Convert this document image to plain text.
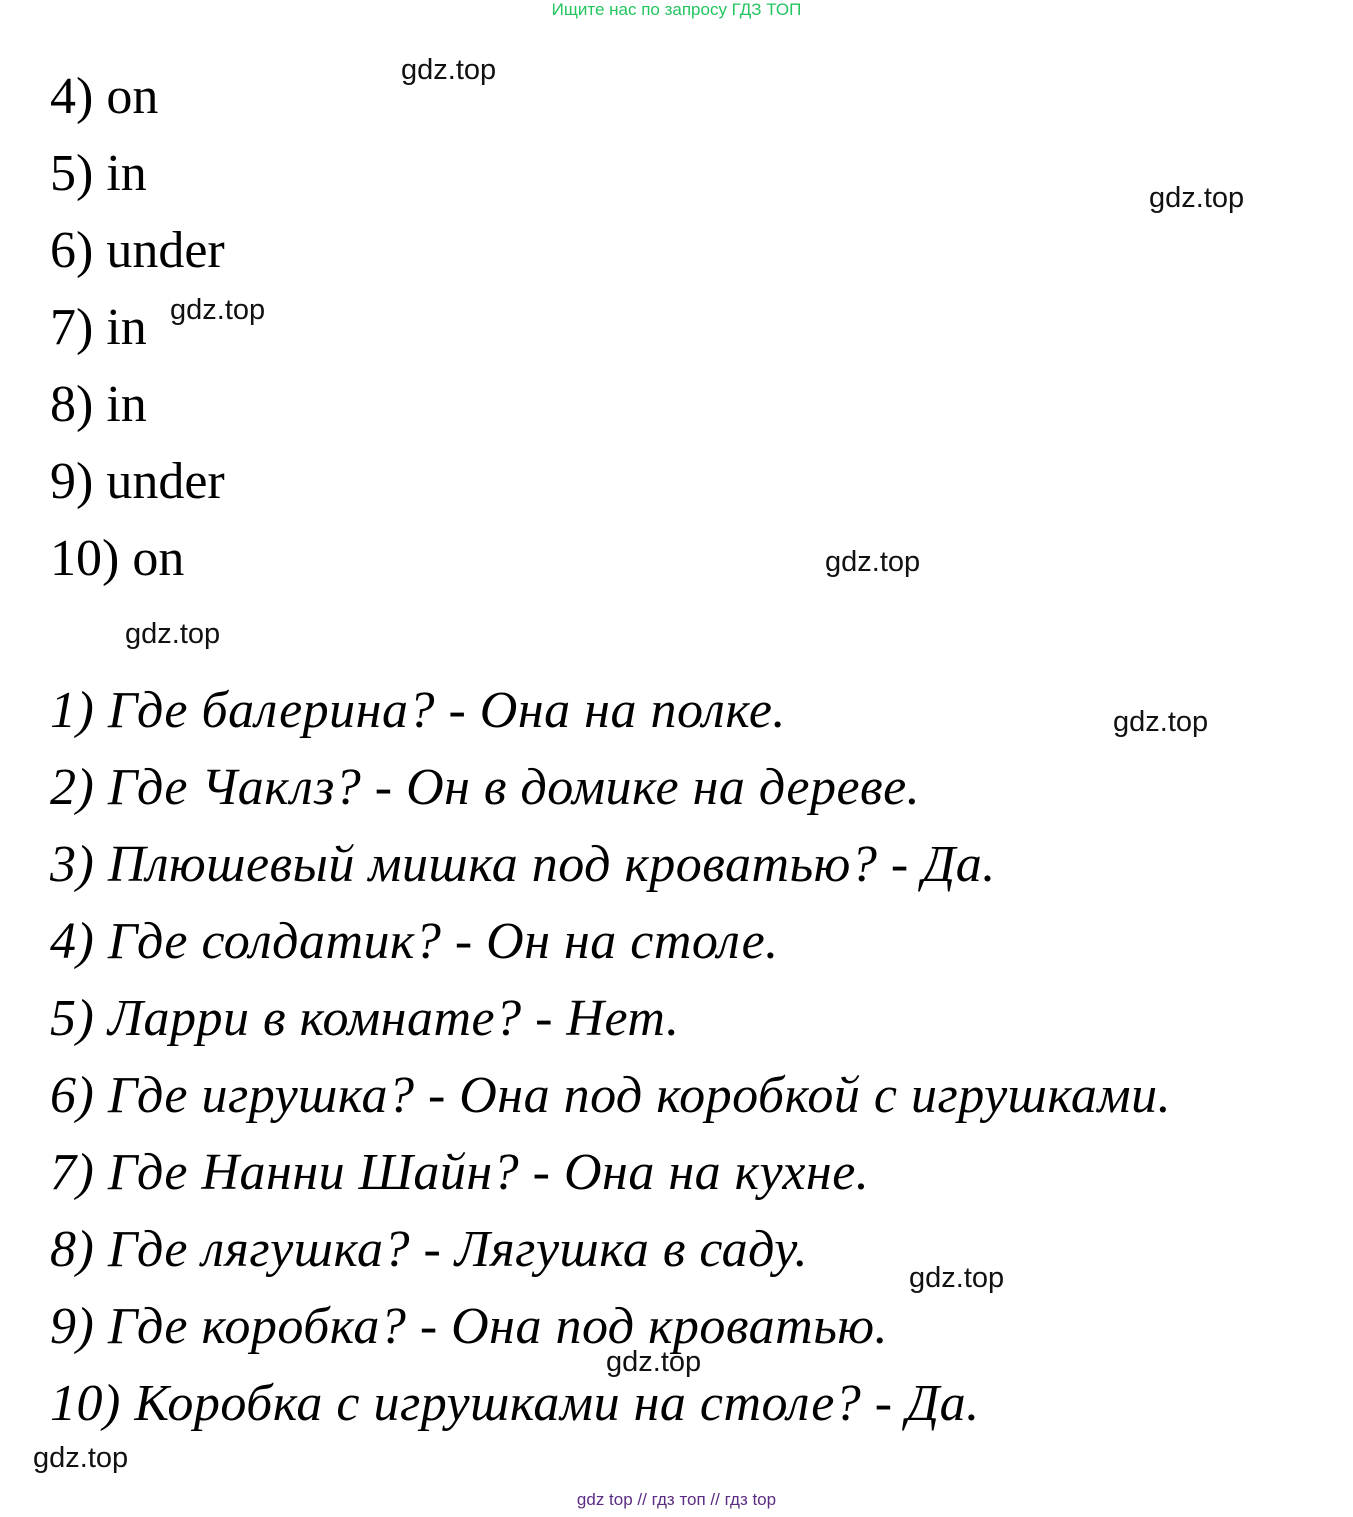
Ищите нас по запросу ГДЗ ТОП
4) on
5) in
6) under
7) in
8) in
9) under
10) on
1) Где балерина? - Она на полке.
2) Где Чаклз? - Он в домике на дереве.
3) Плюшевый мишка под кроватью? - Да.
4) Где солдатик? - Он на столе.
5) Ларри в комнате? - Нет.
6) Где игрушка? - Она под коробкой с игрушками.
7) Где Нанни Шайн? - Она на кухне.
8) Где лягушка? - Лягушка в саду.
9) Где коробка? - Она под кроватью.
10) Коробка с игрушками на столе? - Да.
gdz.top
gdz.top
gdz.top
gdz.top
gdz.top
gdz.top
gdz.top
gdz.top
gdz.top
gdz top // гдз топ // гдз top
